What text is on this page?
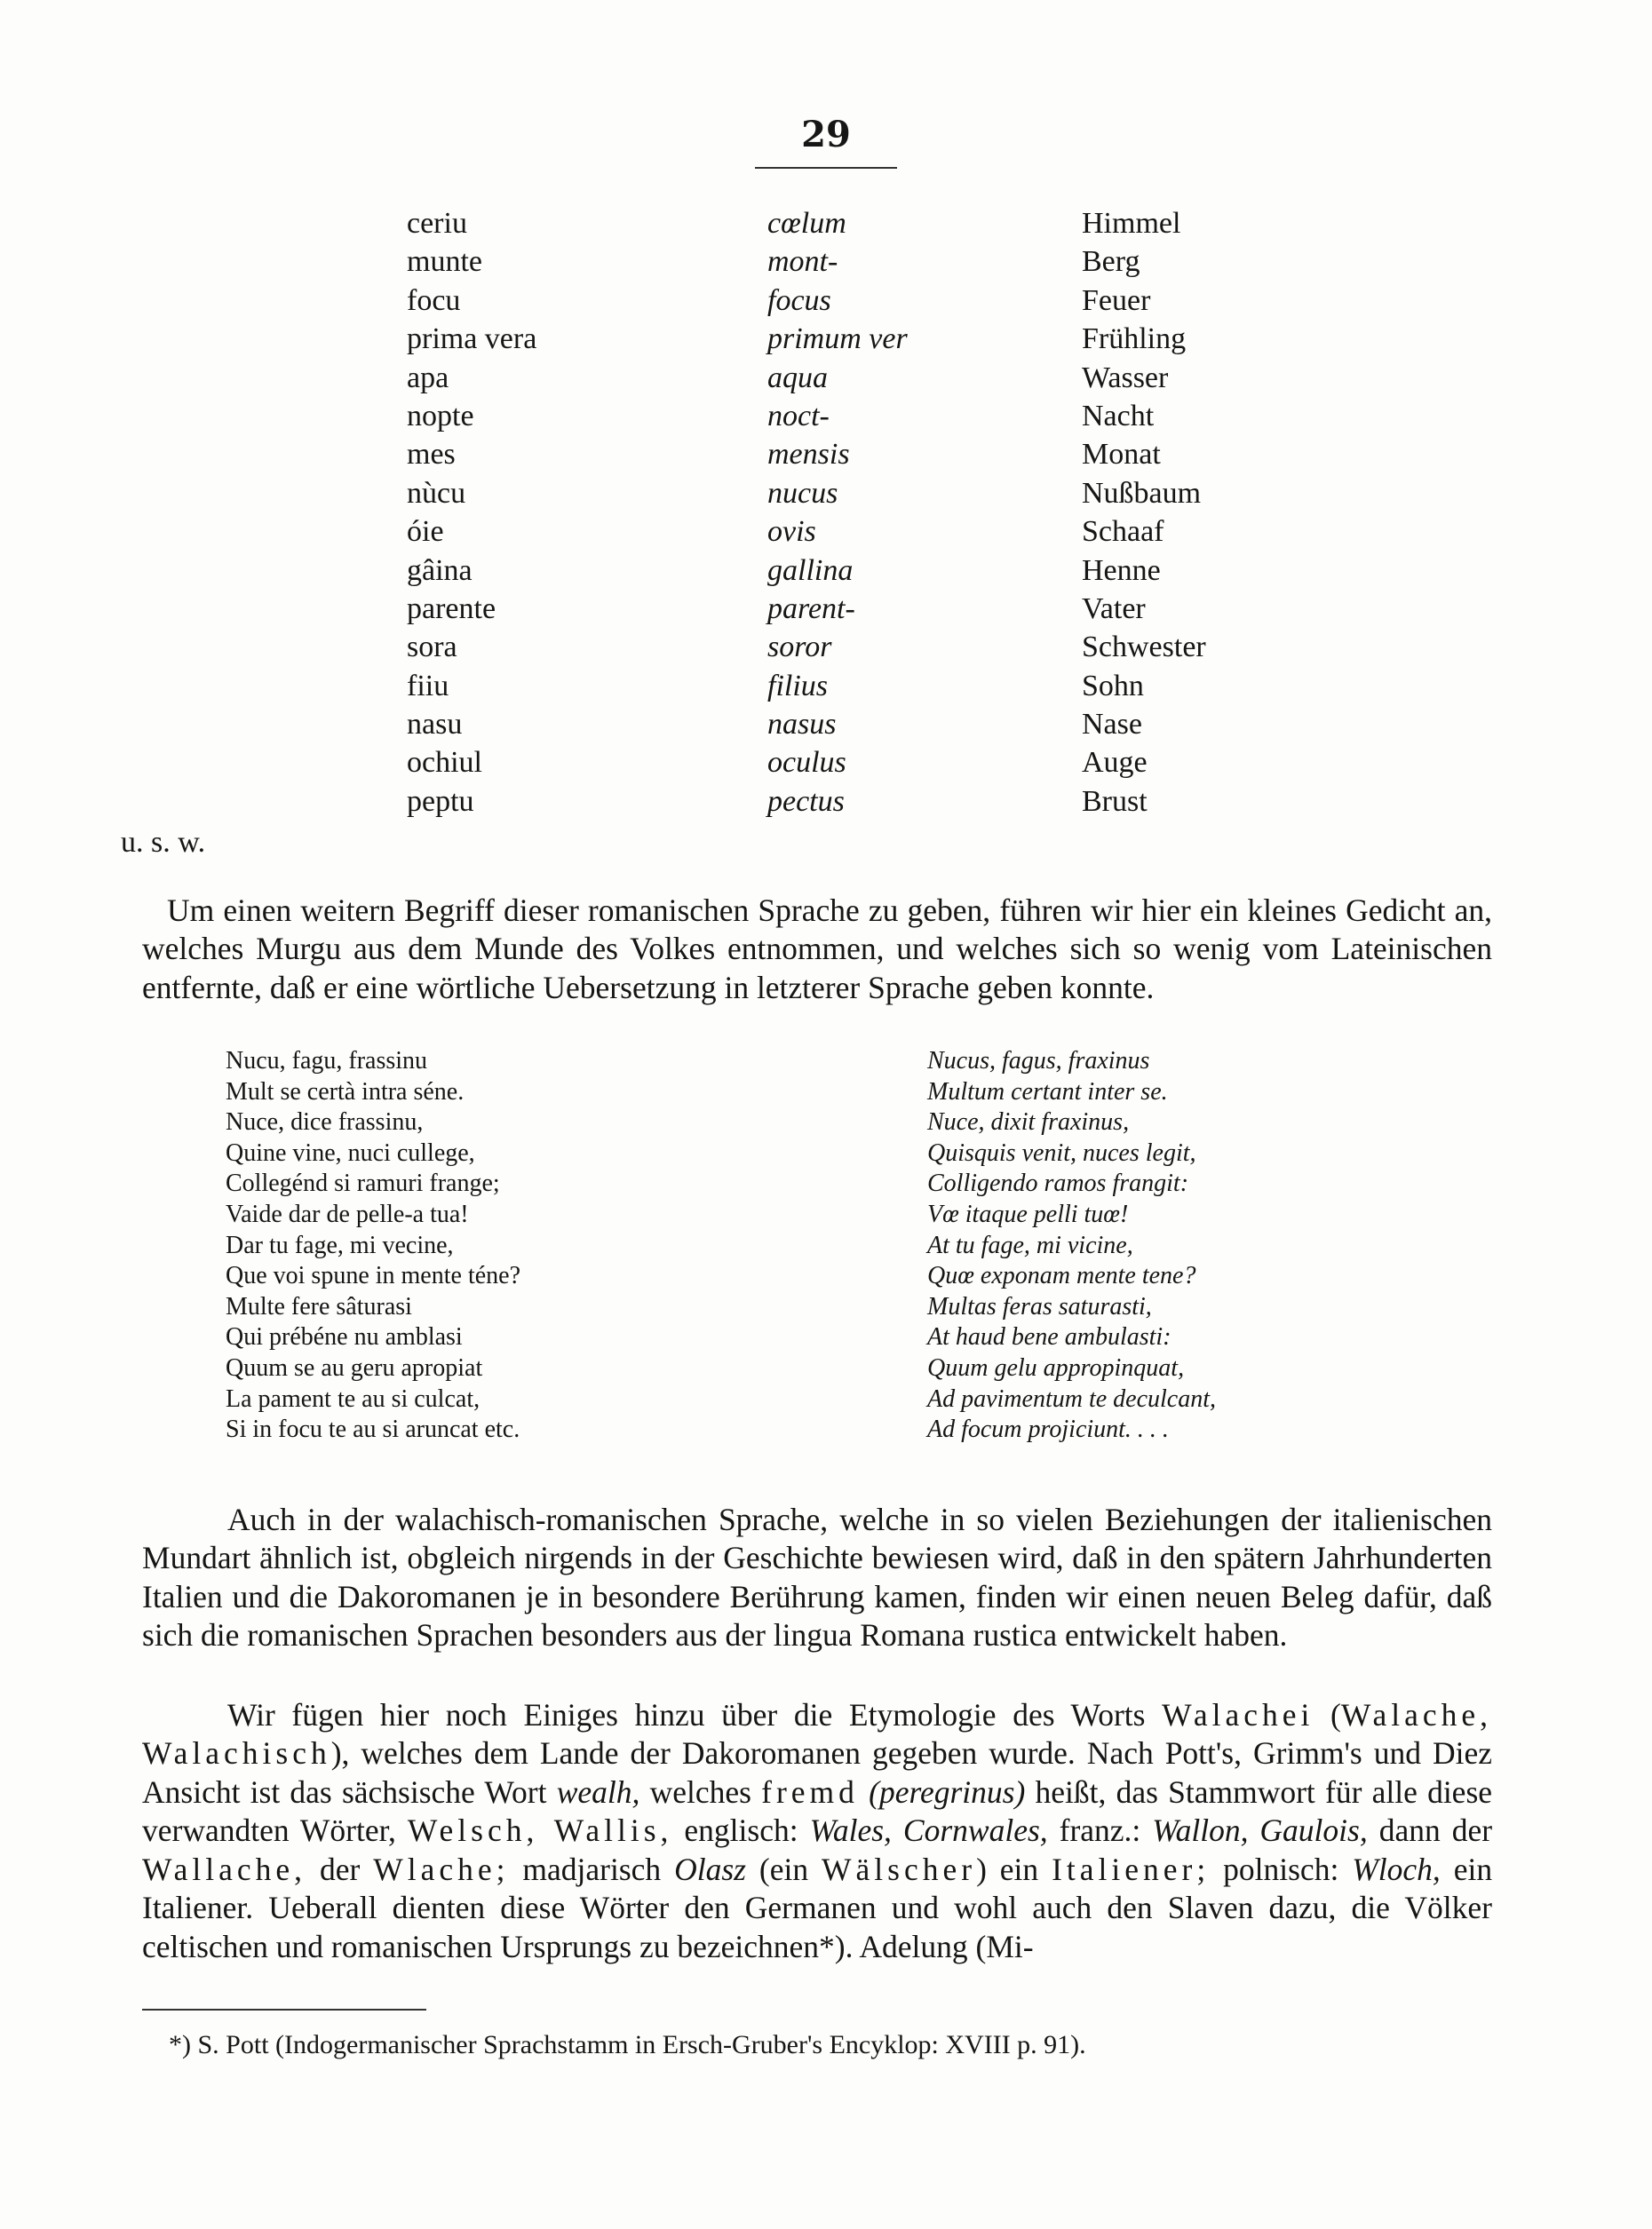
29
ceriu	cœlum	Himmel
munte	mont-	Berg
focu	focus	Feuer
prima vera	primum ver	Frühling
apa	aqua	Wasser
nopte	noct-	Nacht
mes	mensis	Monat
nùcu	nucus	Nußbaum
óie	ovis	Schaaf
gâina	gallina	Henne
parente	parent-	Vater
sora	soror	Schwester
fiiu	filius	Sohn
nasu	nasus	Nase
ochiul	oculus	Auge
peptu	pectus	Brust
u. s. w.

Um einen weitern Begriff dieser romanischen Sprache zu geben, führen wir hier ein kleines Gedicht an, welches Murgu aus dem Munde des Volkes entnommen, und welches sich so wenig vom Lateinischen entfernte, daß er eine wörtliche Uebersetzung in letzterer Sprache geben konnte.

Nucu, fagu, frassinu	Nucus, fagus, fraxinus
Mult se certà intra séne.	Multum certant inter se.
Nuce, dice frassinu,	Nuce, dixit fraxinus,
Quine vine, nuci cullege,	Quisquis venit, nuces legit,
Collegénd si ramuri frange;	Colligendo ramos frangit:
Vaide dar de pelle-a tua!	Vœ itaque pelli tuœ!
Dar tu fage, mi vecine,	At tu fage, mi vicine,
Que voi spune in mente téne?	Quœ exponam mente tene?
Multe fere sâturasi	Multas feras saturasti,
Qui prébéne nu amblasi	At haud bene ambulasti:
Quum se au geru apropiat	Quum gelu appropinquat,
La pament te au si culcat,	Ad pavimentum te deculcant,
Si in focu te au si aruncat etc.	Ad focum projiciunt. . . .

Auch in der walachisch-romanischen Sprache, welche in so vielen Beziehungen der italienischen Mundart ähnlich ist, obgleich nirgends in der Geschichte bewiesen wird, daß in den spätern Jahrhunderten Italien und die Dakoromanen je in besondere Berührung kamen, finden wir einen neuen Beleg dafür, daß sich die romanischen Sprachen besonders aus der lingua Romana rustica entwickelt haben.

Wir fügen hier noch Einiges hinzu über die Etymologie des Worts Walachei (Walache, Walachisch), welches dem Lande der Dakoromanen gegeben wurde. Nach Pott's, Grimm's und Diez Ansicht ist das sächsische Wort wealh, welches fremd (peregrinus) heißt, das Stammwort für alle diese verwandten Wörter, Welsch, Wallis, englisch: Wales, Cornwales, franz.: Wallon, Gaulois, dann der Wallache, der Wlache; madjarisch Olasz (ein Wälscher) ein Italiener; polnisch: Wloch, ein Italiener. Ueberall dienten diese Wörter den Germanen und wohl auch den Slaven dazu, die Völker celtischen und romanischen Ursprungs zu bezeichnen*). Adelung (Mi-

*) S. Pott (Indogermanischer Sprachstamm in Ersch-Gruber's Encyklop: XVIII p. 91).
